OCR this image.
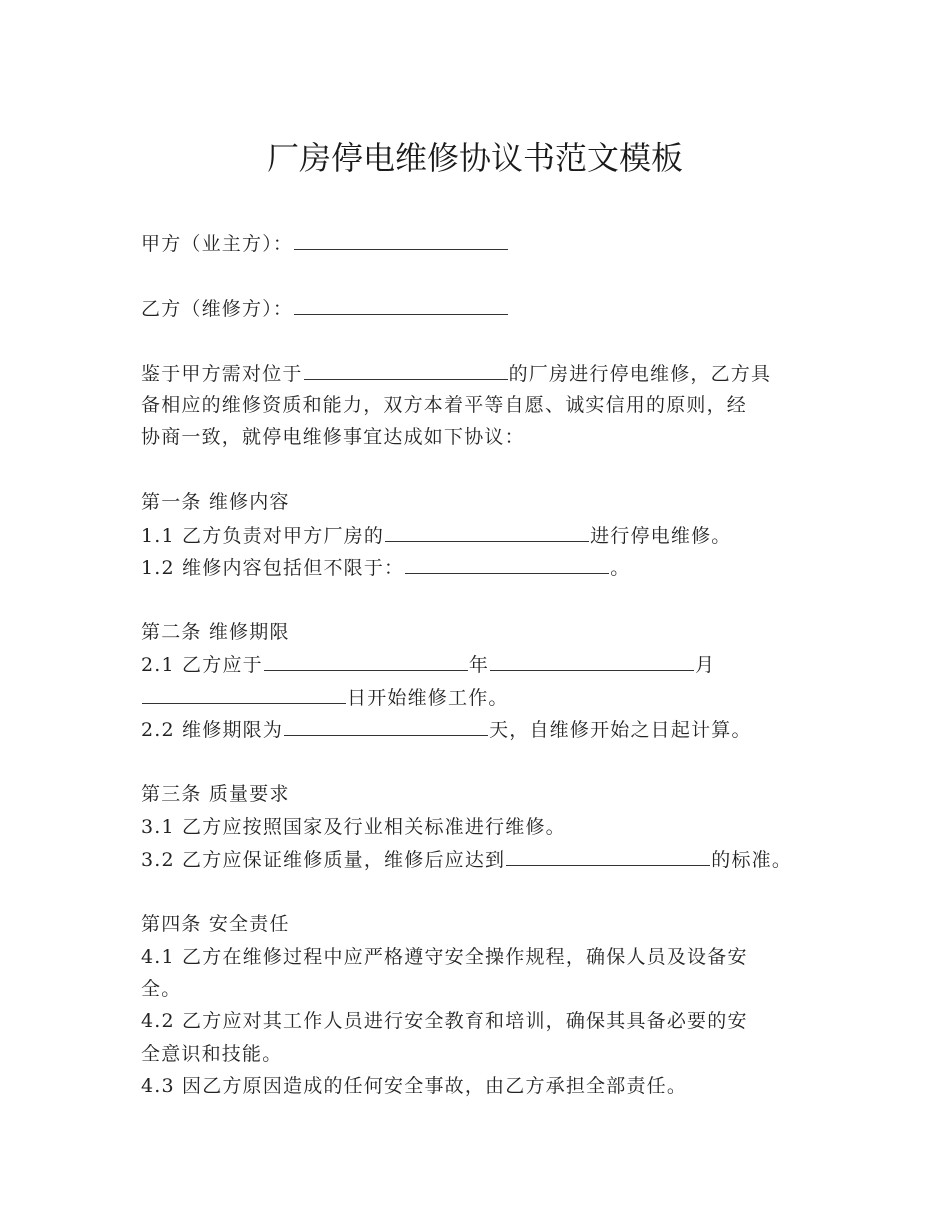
厂房停电维修协议书范文模板
甲方（业主方）：
乙方（维修方）：
鉴于甲方需对位于	的厂房进行停电维修，乙方具
备相应的维修资质和能力，双方本着平等自愿、诚实信用的原则，经
协商一致，就停电维修事宜达成如下协议：
第一条 维修内容
1.1 乙方负责对甲方厂房的	进行停电维修。
1.2 维修内容包括但不限于：	。
第二条 维修期限
2.1 乙方应于	年	月
日开始维修工作。
2.2 维修期限为	天，自维修开始之日起计算。
第三条 质量要求
3.1 乙方应按照国家及行业相关标准进行维修。
3.2 乙方应保证维修质量，维修后应达到	的标准。
第四条 安全责任
4.1 乙方在维修过程中应严格遵守安全操作规程，确保人员及设备安
全。
4.2 乙方应对其工作人员进行安全教育和培训，确保其具备必要的安
全意识和技能。
4.3 因乙方原因造成的任何安全事故，由乙方承担全部责任。
